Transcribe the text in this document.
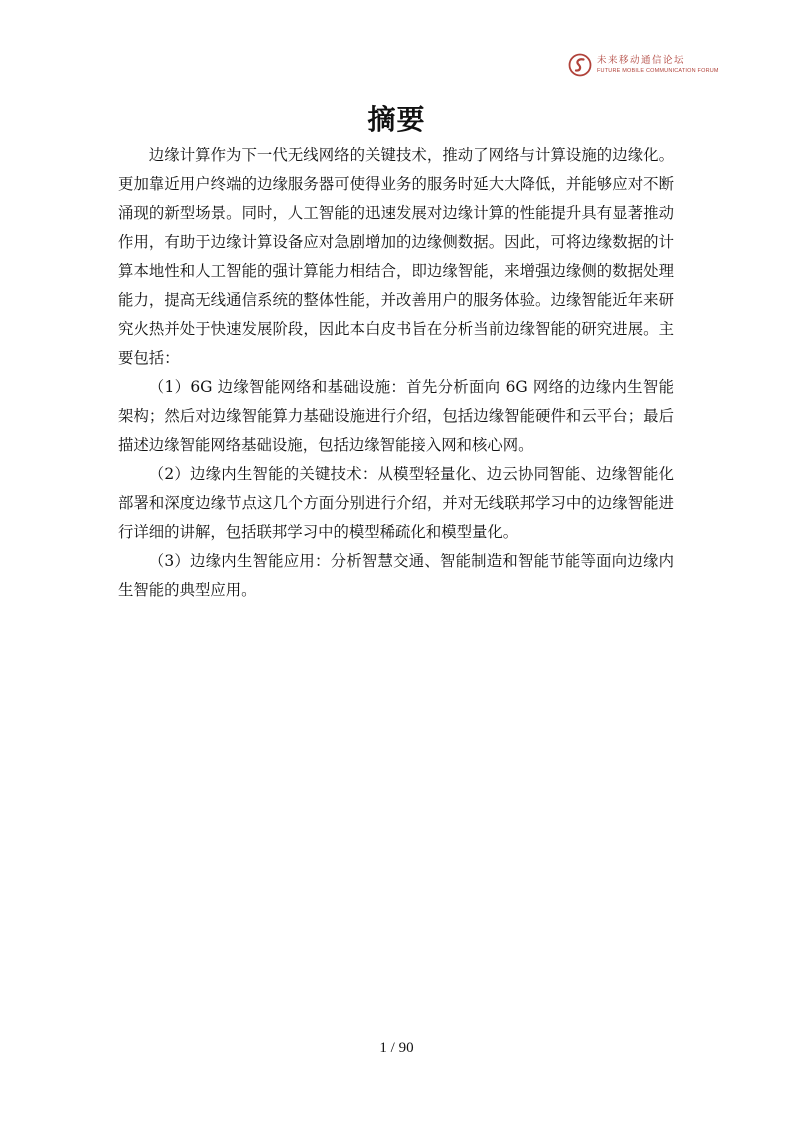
未来移动通信论坛
FUTURE MOBILE COMMUNICATION FORUM
摘要

边缘计算作为下一代无线网络的关键技术，推动了网络与计算设施的边缘化。更加靠近用户终端的边缘服务器可使得业务的服务时延大大降低，并能够应对不断涌现的新型场景。同时，人工智能的迅速发展对边缘计算的性能提升具有显著推动作用，有助于边缘计算设备应对急剧增加的边缘侧数据。因此，可将边缘数据的计算本地性和人工智能的强计算能力相结合，即边缘智能，来增强边缘侧的数据处理能力，提高无线通信系统的整体性能，并改善用户的服务体验。边缘智能近年来研究火热并处于快速发展阶段，因此本白皮书旨在分析当前边缘智能的研究进展。主要包括：

（1）6G 边缘智能网络和基础设施：首先分析面向 6G 网络的边缘内生智能架构；然后对边缘智能算力基础设施进行介绍，包括边缘智能硬件和云平台；最后描述边缘智能网络基础设施，包括边缘智能接入网和核心网。

（2）边缘内生智能的关键技术：从模型轻量化、边云协同智能、边缘智能化部署和深度边缘节点这几个方面分别进行介绍，并对无线联邦学习中的边缘智能进行详细的讲解，包括联邦学习中的模型稀疏化和模型量化。

（3）边缘内生智能应用：分析智慧交通、智能制造和智能节能等面向边缘内生智能的典型应用。

1 / 90
